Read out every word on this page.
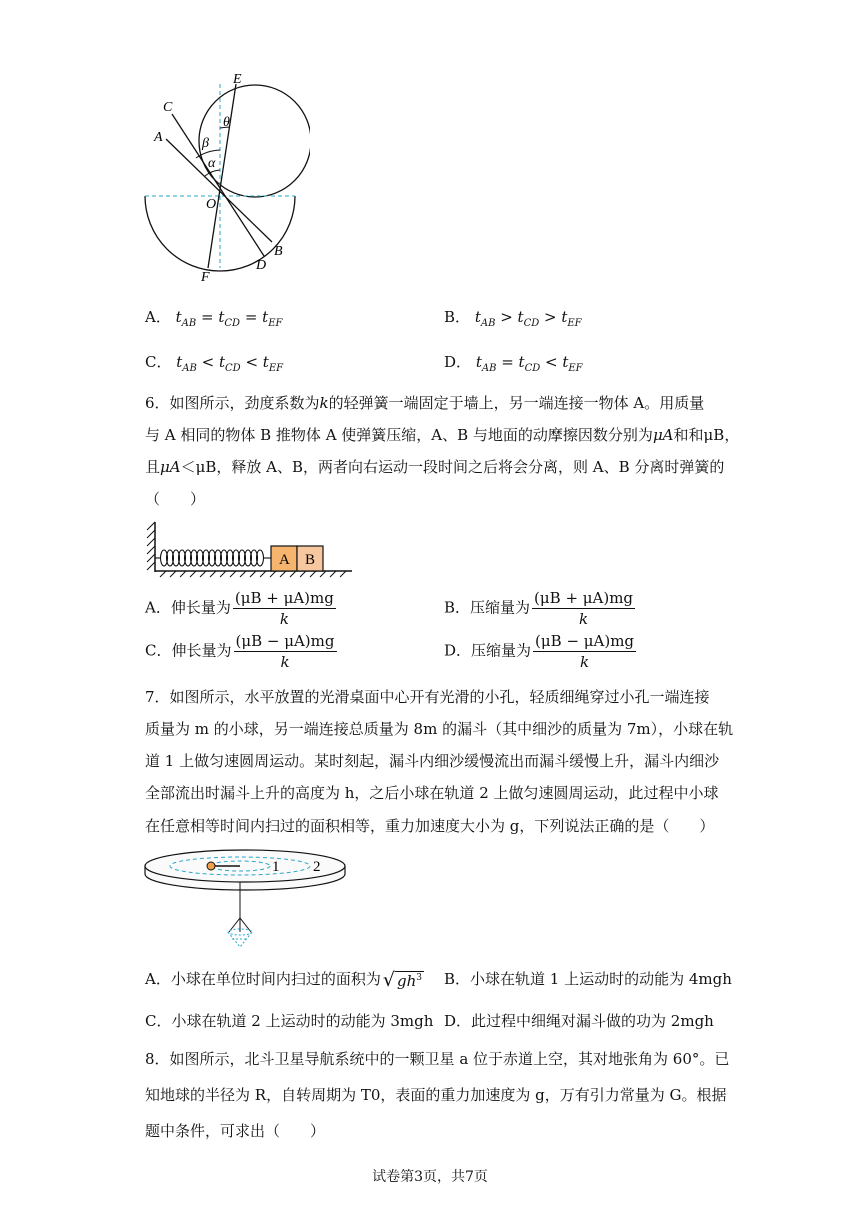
E
C
A	β
θ
α
O
B
D
F
A． $t_{AB} = t_{CD} = t_{EF}$	B． $t_{AB} > t_{CD} > t_{EF}$
C． $t_{AB} < t_{CD} < t_{EF}$	D． $t_{AB} = t_{CD} < t_{EF}$
6．如图所示，劲度系数为k的轻弹簧一端固定于墙上，另一端连接一物体 A。用质量
与 A 相同的物体 B 推物体 A 使弹簧压缩，A、B 与地面的动摩擦因数分别为μA和和μB，
且μA＜μB，释放 A、B，两者向右运动一段时间之后将会分离，则 A、B 分离时弹簧的
（　　）
A B
A．伸长量为 $\frac{(\mu B + \mu A)mg}{k}$	B．压缩量为 $\frac{(\mu B + \mu A)mg}{k}$
C．伸长量为 $\frac{(\mu B - \mu A)mg}{k}$	D．压缩量为 $\frac{(\mu B - \mu A)mg}{k}$
7．如图所示，水平放置的光滑桌面中心开有光滑的小孔，轻质细绳穿过小孔一端连接
质量为 m 的小球，另一端连接总质量为 8m 的漏斗（其中细沙的质量为 7m），小球在轨
道 1 上做匀速圆周运动。某时刻起，漏斗内细沙缓慢流出而漏斗缓慢上升，漏斗内细沙
全部流出时漏斗上升的高度为 h，之后小球在轨道 2 上做匀速圆周运动，此过程中小球
在任意相等时间内扫过的面积相等，重力加速度大小为 g，下列说法正确的是（　　）
1 2
A．小球在单位时间内扫过的面积为 √ $gh^3$ B．小球在轨道 1 上运动时的动能为 4mgh
C．小球在轨道 2 上运动时的动能为 3mgh D．此过程中细绳对漏斗做的功为 2mgh
8．如图所示，北斗卫星导航系统中的一颗卫星 a 位于赤道上空，其对地张角为 60°。已
知地球的半径为 R，自转周期为 T0，表面的重力加速度为 g，万有引力常量为 G。根据
题中条件，可求出（　　）
试卷第3页，共7页
